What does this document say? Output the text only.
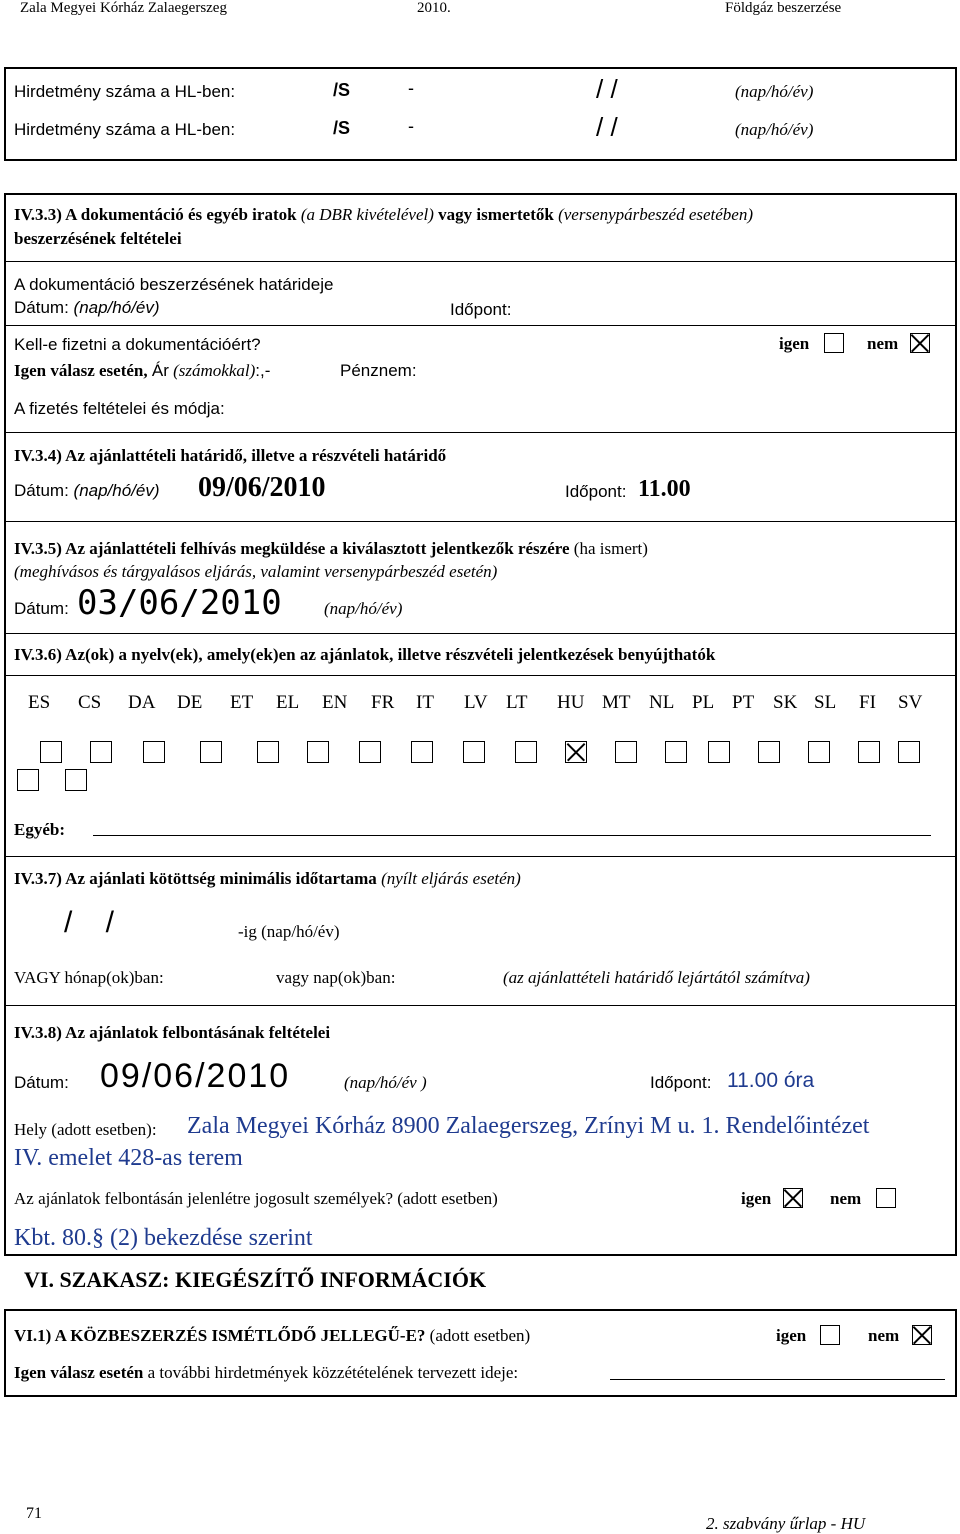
Zala Megyei Kórház Zalaegerszeg	2010.	Földgáz beszerzése
Hirdetmény száma a HL-ben:	/S	-	/ /	(nap/hó/év)
Hirdetmény száma a HL-ben:	/S	-	/ /	(nap/hó/év)
IV.3.3) A dokumentáció és egyéb iratok (a DBR kivételével) vagy ismertetők (versenypárbeszéd esetében)
beszerzésének feltételei
A dokumentáció beszerzésének határideje
Dátum: (nap/hó/év)	Időpont:
Kell-e fizetni a dokumentációért?	igen	nem
Igen válasz esetén, Ár (számokkal):,-	Pénznem:
A fizetés feltételei és módja:
IV.3.4) Az ajánlattételi határidő, illetve a részvételi határidő
Dátum: (nap/hó/év) 09/06/2010	Időpont: 11.00
IV.3.5) Az ajánlattételi felhívás megküldése a kiválasztott jelentkezők részére (ha ismert)
(meghívásos és tárgyalásos eljárás, valamint versenypárbeszéd esetén)
Dátum: 03/06/2010 (nap/hó/év)
IV.3.6) Az(ok) a nyelv(ek), amely(ek)en az ajánlatok, illetve részvételi jelentkezések benyújthatók
ES CS DA DE ET EL EN FR IT LV LT HU MT NL PL PT SK SL FI SV
Egyéb:
IV.3.7) Az ajánlati kötöttség minimális időtartama (nyílt eljárás esetén)
/    /	-ig (nap/hó/év)
VAGY hónap(ok)ban:	vagy nap(ok)ban:	(az ajánlattételi határidő lejártától számítva)
IV.3.8) Az ajánlatok felbontásának feltételei
Dátum: 09/06/2010	(nap/hó/év )	Időpont: 11.00 óra
Hely (adott esetben): Zala Megyei Kórház 8900 Zalaegerszeg, Zrínyi M u. 1. Rendelőintézet
IV. emelet 428-as terem
Az ajánlatok felbontásán jelenlétre jogosult személyek? (adott esetben)	igen	nem
Kbt. 80.§ (2) bekezdése szerint
VI. SZAKASZ: KIEGÉSZÍTŐ INFORMÁCIÓK
VI.1) A KÖZBESZERZÉS ISMÉTLŐDŐ JELLEGŰ-E? (adott esetben)	igen	nem
Igen válasz esetén a további hirdetmények közzétételének tervezett ideje:
71
2. szabvány űrlap - HU
